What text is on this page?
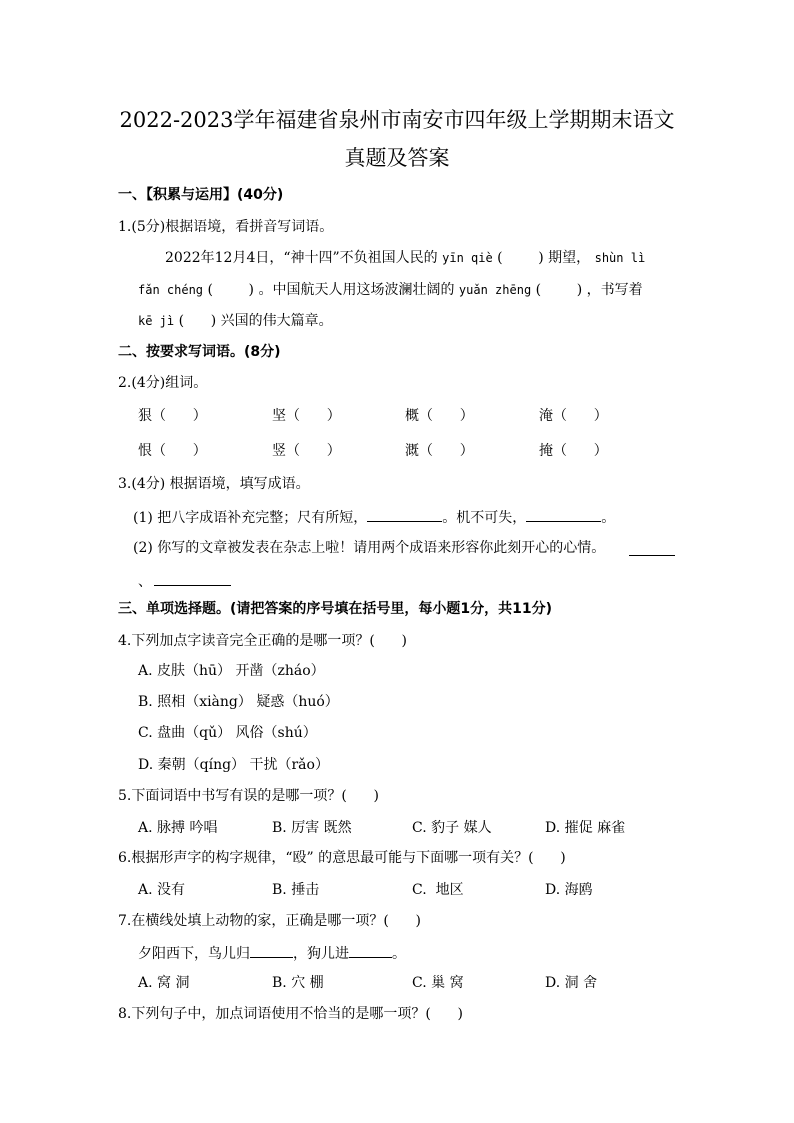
2022-2023学年福建省泉州市南安市四年级上学期期末语文
真题及答案
一、【积累与运用】(40分)
1.(5分)根据语境，看拼音写词语。
2022年12月4日，“神十四”不负祖国人民的 yīn qiè (        ) 期望， shùn lì
fǎn chéng (        ) 。中国航天人用这场波澜壮阔的 yuǎn zhēng (        ) ，书写着
kē jì (      ) 兴国的伟大篇章。
二、按要求写词语。(8分)
2.(4分)组词。
狠（      ）	坚（      ）	概（      ）	淹（      ）
恨（      ）	竖（      ）	溉（      ）	掩（      ）
3.(4分) 根据语境，填写成语。
(1) 把八字成语补充完整；尺有所短，	。机不可失，	。
(2) 你写的文章被发表在杂志上啦！请用两个成语来形容你此刻开心的心情。
、
三、单项选择题。(请把答案的序号填在括号里，每小题1分，共11分)
4.下列加点字读音完全正确的是哪一项？(      )
A. 皮肤（hū） 开凿（zháo）
B. 照相（xiàng） 疑惑（huó）
C. 盘曲（qǔ） 风俗（shú）
D. 秦朝（qíng） 干扰（rǎo）
5.下面词语中书写有误的是哪一项？(      )
A. 脉搏 吟唱	B. 厉害 既然	C. 豹子 媒人	D. 摧促 麻雀
6.根据形声字的构字规律，“殴” 的意思最可能与下面哪一项有关？(      )
A. 没有	B. 捶击	C.  地区	D. 海鸥
7.在横线处填上动物的家，正确是哪一项？(      )
夕阳西下，鸟儿归	，狗儿进	。
A. 窝 洞	B. 穴 棚	C. 巢 窝	D. 洞 舍
8.下列句子中，加点词语使用不恰当的是哪一项？(      )
